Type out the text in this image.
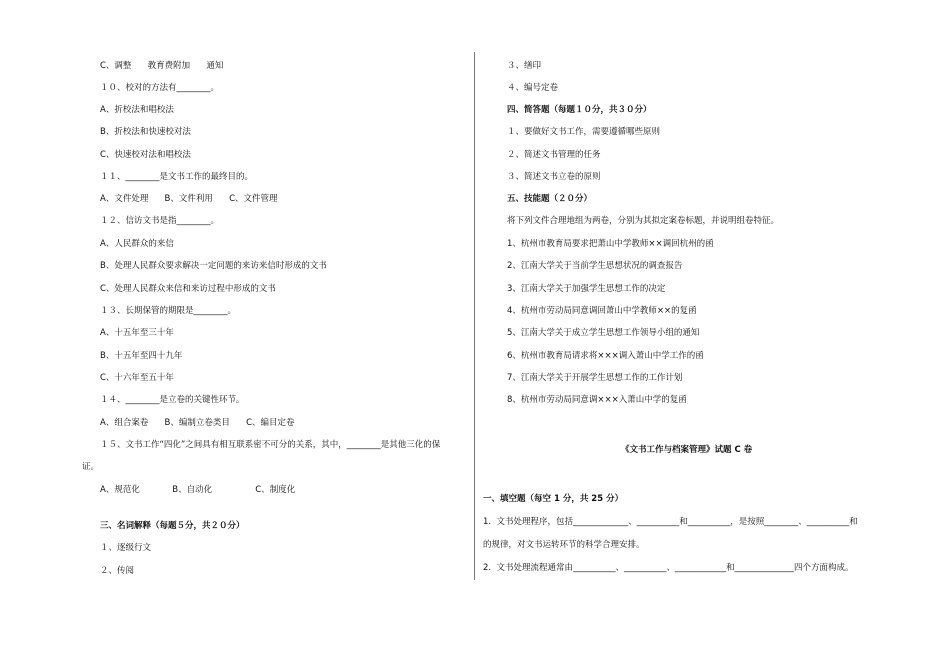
C、调整      教育费附加      通知
１０、校对的方法有________。
A、折校法和唱校法
B、折校法和快速校对法
C、快速校对法和唱校法
１１、________是文书工作的最终目的。
A、文件处理      B、文件利用      C、文件管理
１２、信访文书是指________。
A、人民群众的来信
B、处理人民群众要求解决一定问题的来访来信时形成的文书
C、处理人民群众来信和来访过程中形成的文书
１３、长期保管的期限是________。
A、十五年至三十年
B、十五年至四十九年
C、十六年至五十年
１４、________是立卷的关键性环节。
A、组合案卷      B、编制立卷类目      C、编目定卷
１５、文书工作“四化”之间具有相互联系密不可分的关系，其中，________是其他三化的保
证。
A、规范化            B、自动化                C、制度化
三、名词解释（每题５分，共２０分）
１、逐级行文
２、传阅
３、缮印
４、编号定卷
四、简答题（每题１０分，共３０分）
１、要做好文书工作，需要遵循哪些原则
２、简述文书管理的任务
３、简述文书立卷的原则
五、技能题（２０分）
将下列文件合理地组为两卷，分别为其拟定案卷标题，并说明组卷特征。
1、杭州市教育局要求把萧山中学教师××调回杭州的函
2、江南大学关于当前学生思想状况的调查报告
3、江南大学关于加强学生思想工作的决定
4、杭州市劳动局同意调回萧山中学教师××的复函
5、江南大学关于成立学生思想工作领导小组的通知
6、杭州市教育局请求将×××调入萧山中学工作的函
7、江南大学关于开展学生思想工作的工作计划
8、杭州市劳动局同意调×××入萧山中学的复函
《文书工作与档案管理》试题 C 卷
一、填空题（每空 1 分，共 25 分）
1.  文书处理程序，包括_____________、__________和__________，是按照________、__________和
的规律，对文书运转环节的科学合理安排。
2.  文书处理流程通常由__________、__________、____________和______________四个方面构成。
